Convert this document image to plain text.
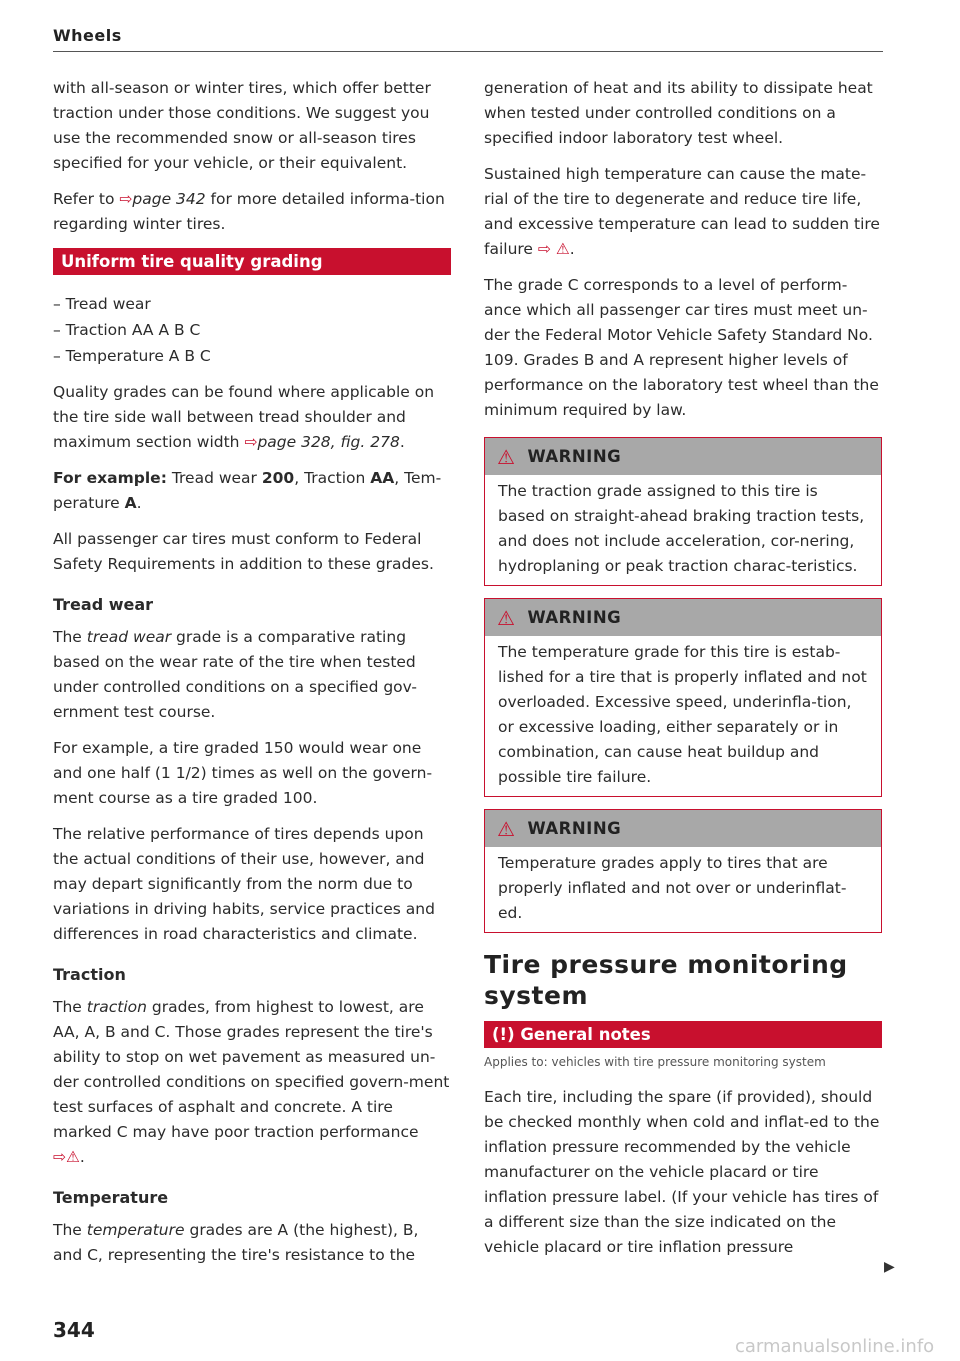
Wheels

with all-season or winter tires, which offer better traction under those conditions. We suggest you use the recommended snow or all-season tires specified for your vehicle, or their equivalent.

Refer to ⇨page 342 for more detailed informa-tion regarding winter tires.

Uniform tire quality grading
– Tread wear
– Traction AA A B C
– Temperature A B C

Quality grades can be found where applicable on the tire side wall between tread shoulder and maximum section width ⇨page 328, fig. 278.

For example: Tread wear 200, Traction AA, Tem-perature A.

All passenger car tires must conform to Federal Safety Requirements in addition to these grades.

Tread wear

The tread wear grade is a comparative rating based on the wear rate of the tire when tested under controlled conditions on a specified gov-ernment test course.

For example, a tire graded 150 would wear one and one half (1 1/2) times as well on the govern-ment course as a tire graded 100.

The relative performance of tires depends upon the actual conditions of their use, however, and may depart significantly from the norm due to variations in driving habits, service practices and differences in road characteristics and climate.

Traction

The traction grades, from highest to lowest, are AA, A, B and C. Those grades represent the tire's ability to stop on wet pavement as measured un-der controlled conditions on specified govern-ment test surfaces of asphalt and concrete. A tire marked C may have poor traction performance
⇨⚠.

Temperature

The temperature grades are A (the highest), B, and C, representing the tire's resistance to the

generation of heat and its ability to dissipate heat when tested under controlled conditions on a specified indoor laboratory test wheel.

Sustained high temperature can cause the mate-rial of the tire to degenerate and reduce tire life, and excessive temperature can lead to sudden tire failure ⇨ ⚠.

The grade C corresponds to a level of perform-ance which all passenger car tires must meet un-der the Federal Motor Vehicle Safety Standard No. 109. Grades B and A represent higher levels of performance on the laboratory test wheel than the minimum required by law.

⚠ WARNING

The traction grade assigned to this tire is based on straight-ahead braking traction tests, and does not include acceleration, cor-nering, hydroplaning or peak traction charac-teristics.

⚠ WARNING

The temperature grade for this tire is estab-lished for a tire that is properly inflated and not overloaded. Excessive speed, underinfla-tion, or excessive loading, either separately or in combination, can cause heat buildup and possible tire failure.

⚠ WARNING

Temperature grades apply to tires that are properly inflated and not over or underinflat-ed.

Tire pressure monitoring system
(!) General notes
Applies to: vehicles with tire pressure monitoring system

Each tire, including the spare (if provided), should be checked monthly when cold and inflat-ed to the inflation pressure recommended by the vehicle manufacturer on the vehicle placard or tire inflation pressure label. (If your vehicle has tires of a different size than the size indicated on the vehicle placard or tire inflation pressure

▶
344
carmanualsonline.info
